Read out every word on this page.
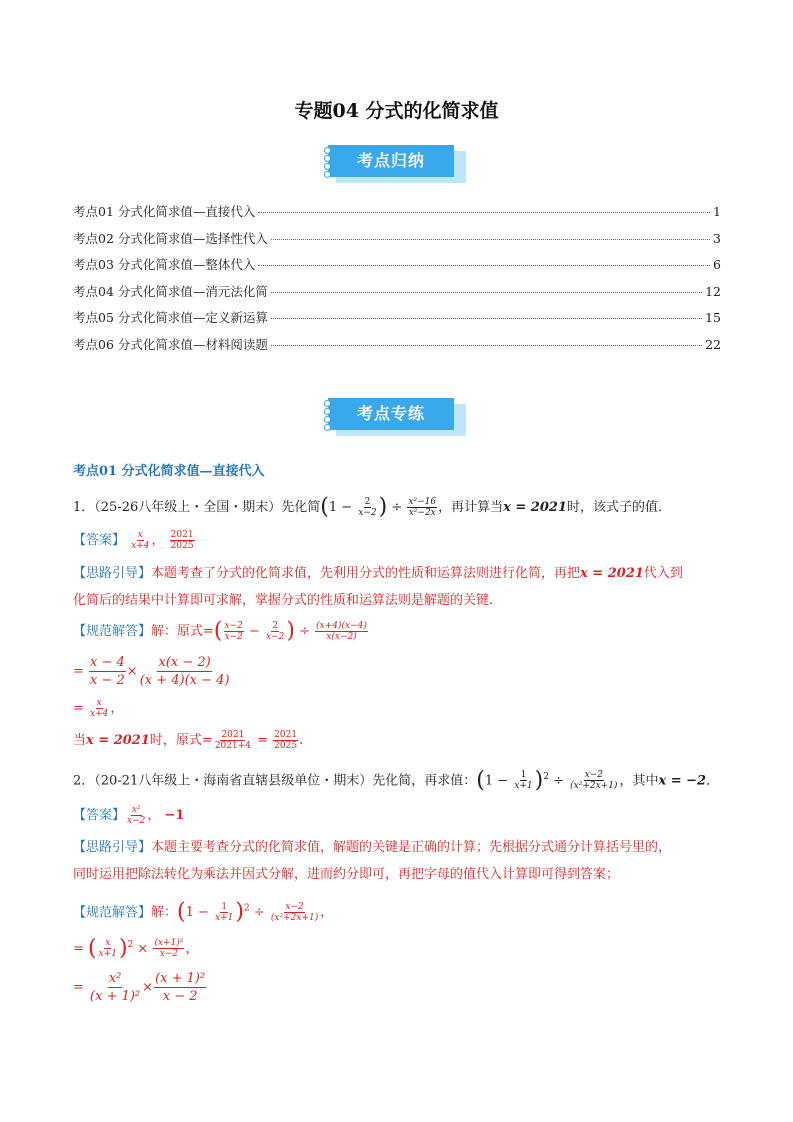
专题04 分式的化简求值
考点归纳
考点01 分式化简求值—直接代入	1
考点02 分式化简求值—选择性代入	3
考点03 分式化简求值—整体代入	6
考点04 分式化简求值—消元法化简	12
考点05 分式化简求值—定义新运算	15
考点06 分式化简求值—材料阅读题	22
考点专练
考点01 分式化简求值—直接代入
1．（25-26八年级上・全国・期末）先化简($1 - \frac{2}{x-2}$ ) ÷ $\frac{\text{x²−16}}{\text{x²−2x}}$ ，再计算当x = 2021时，该式子的值．
【答案】 $\frac{x}{x+4}$ ， $\frac{2021}{2025}$
【思路引导】本题考查了分式的化简求值，先利用分式的性质和运算法则进行化简，再把x = 2021代入到
化简后的结果中计算即可求解，掌握分式的性质和运算法则是解题的关键．
【规范解答】解：原式=( $\frac{x-2}{x-2} - \frac{2}{x-2}$ ) ÷ $\frac{(x+4)(x-4)}{x(x-2)}$
= $\frac{x - 4}{x - 2} \times \frac{x(x - 2)}{(x + 4)(x - 4)}$
= $\frac{x}{x+4}$ ，
当x = 2021时，原式= $\frac{2021}{2021+4} = \frac{2021}{2025}$ .
2．（20-21八年级上・海南省直辖县级单位・期末）先化简，再求值：$(1 - \frac{1}{x+1} )^2 \div \frac{x-2}{\text{(x²+2x+1)}}$ ，其中x = −2．
【答案】 $\frac{\text{x²}}{x-2}$ ， −1
【思路引导】本题主要考查分式的化简求值，解题的关键是正确的计算；先根据分式通分计算括号里的，
同时运用把除法转化为乘法并因式分解，进而约分即可，再把字母的值代入计算即可得到答案；
【规范解答】解：$(1 - \frac{1}{x+1} )^2 \div \frac{x-2}{\text{(x²+2x+1)}}$ ，
= ( $\frac{x}{x+1} )^2 \times \frac{\text{(x+1)²}}{x-2}$ ，
= $\frac{\text{x²}}{\text{(x + 1)²}} \times \frac{\text{(x + 1)²}}{x - 2}$
